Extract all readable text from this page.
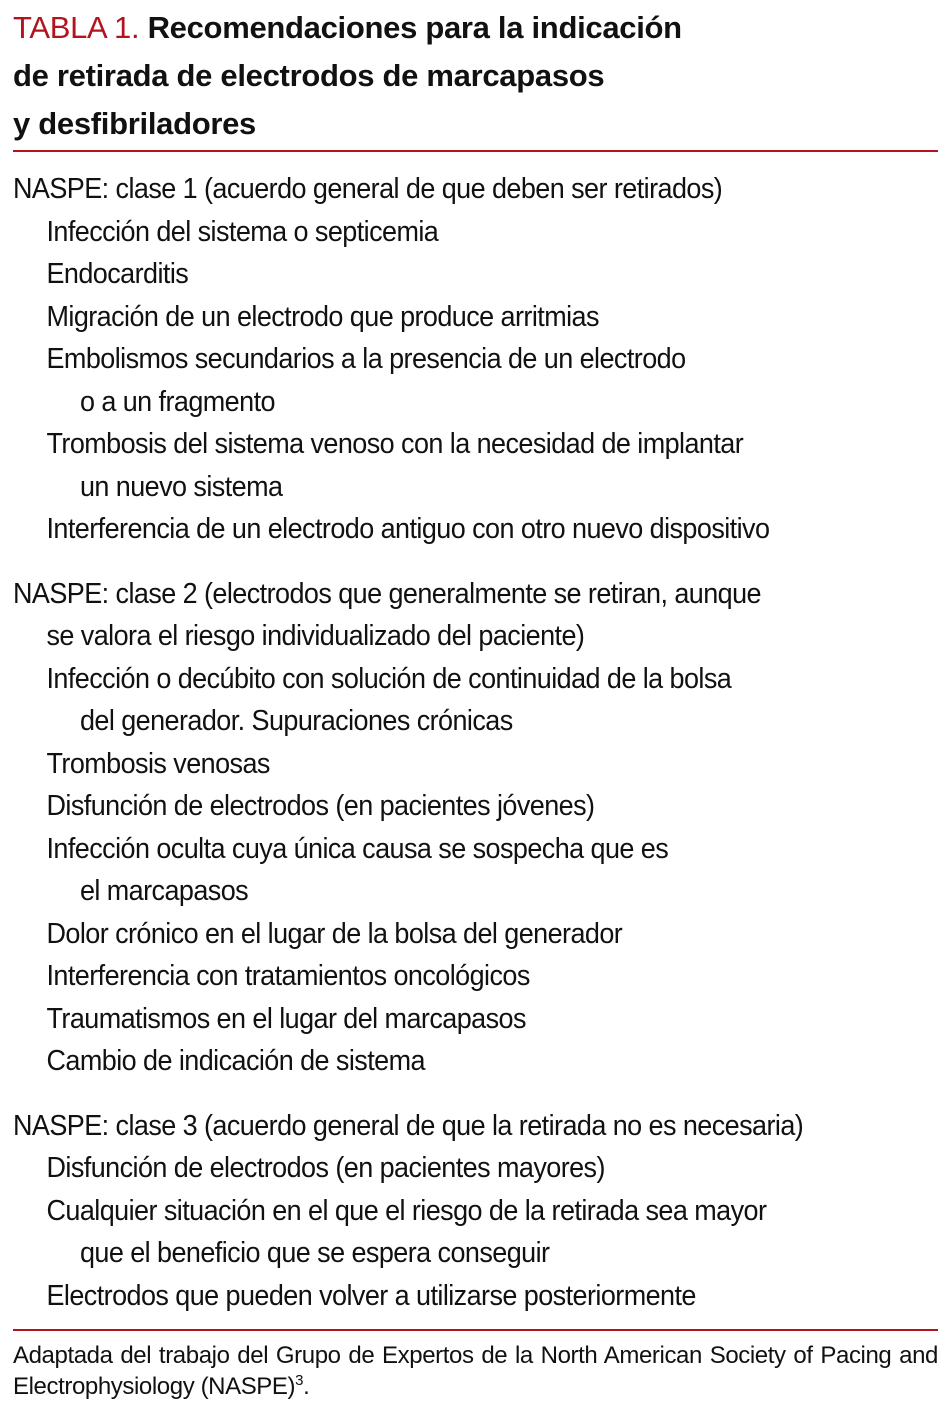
TABLA 1. Recomendaciones para la indicación
de retirada de electrodos de marcapasos
y desfibriladores
NASPE: clase 1 (acuerdo general de que deben ser retirados)
Infección del sistema o septicemia
Endocarditis
Migración de un electrodo que produce arritmias
Embolismos secundarios a la presencia de un electrodo
o a un fragmento
Trombosis del sistema venoso con la necesidad de implantar
un nuevo sistema
Interferencia de un electrodo antiguo con otro nuevo dispositivo
NASPE: clase 2 (electrodos que generalmente se retiran, aunque
se valora el riesgo individualizado del paciente)
Infección o decúbito con solución de continuidad de la bolsa
del generador. Supuraciones crónicas
Trombosis venosas
Disfunción de electrodos (en pacientes jóvenes)
Infección oculta cuya única causa se sospecha que es
el marcapasos
Dolor crónico en el lugar de la bolsa del generador
Interferencia con tratamientos oncológicos
Traumatismos en el lugar del marcapasos
Cambio de indicación de sistema
NASPE: clase 3 (acuerdo general de que la retirada no es necesaria)
Disfunción de electrodos (en pacientes mayores)
Cualquier situación en el que el riesgo de la retirada sea mayor
que el beneficio que se espera conseguir
Electrodos que pueden volver a utilizarse posteriormente
Adaptada del trabajo del Grupo de Expertos de la North American Society of Pacing and Electrophysiology (NASPE)$^3$.
